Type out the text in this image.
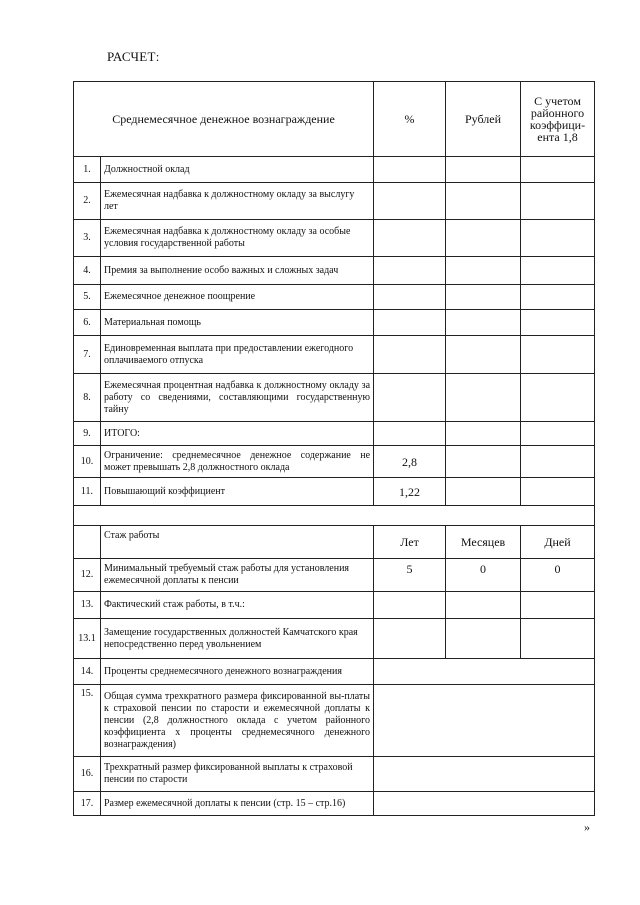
РАСЧЕТ:
Среднемесячное денежное вознаграждение		%	Рублей	С учетом районного коэффици-ента 1,8
1.	Должностной оклад			
2.	Ежемесячная надбавка к должностному окладу за выслугу лет			
3.	Ежемесячная надбавка к должностному окладу за особые условия государственной работы			
4.	Премия за выполнение особо важных и сложных задач			
5.	Ежемесячное денежное поощрение			
6.	Материальная помощь			
7.	Единовременная выплата при предоставлении ежегодного оплачиваемого отпуска			
8.	Ежемесячная процентная надбавка к должностному окладу за работу со сведениями, составляющими государственную тайну			
9.	ИТОГО:			
10.	Ограничение: среднемесячное денежное содержание не может превышать 2,8 должностного оклада	2,8		
11.	Повышающий коэффициент	1,22		

	Стаж работы	Лет	Месяцев	Дней
12.	Минимальный требуемый стаж работы для установления ежемесячной доплаты к пенсии	5	0	0
13.	Фактический стаж работы, в т.ч.:			
13.1	Замещение государственных должностей Камчатского края непосредственно перед увольнением			
14.	Проценты среднемесячного денежного вознаграждения			
15.	Общая сумма трехкратного размера фиксированной вы-платы к страховой пенсии по старости и ежемесячной доплаты к пенсии (2,8 должностного оклада с учетом районного коэффициента х проценты среднемесячного денежного вознаграждения)			
16.	Трехкратный размер фиксированной выплаты к страховой пенсии по старости			
17.	Размер ежемесячной доплаты к пенсии (стр. 15 – стр.16)			
»
